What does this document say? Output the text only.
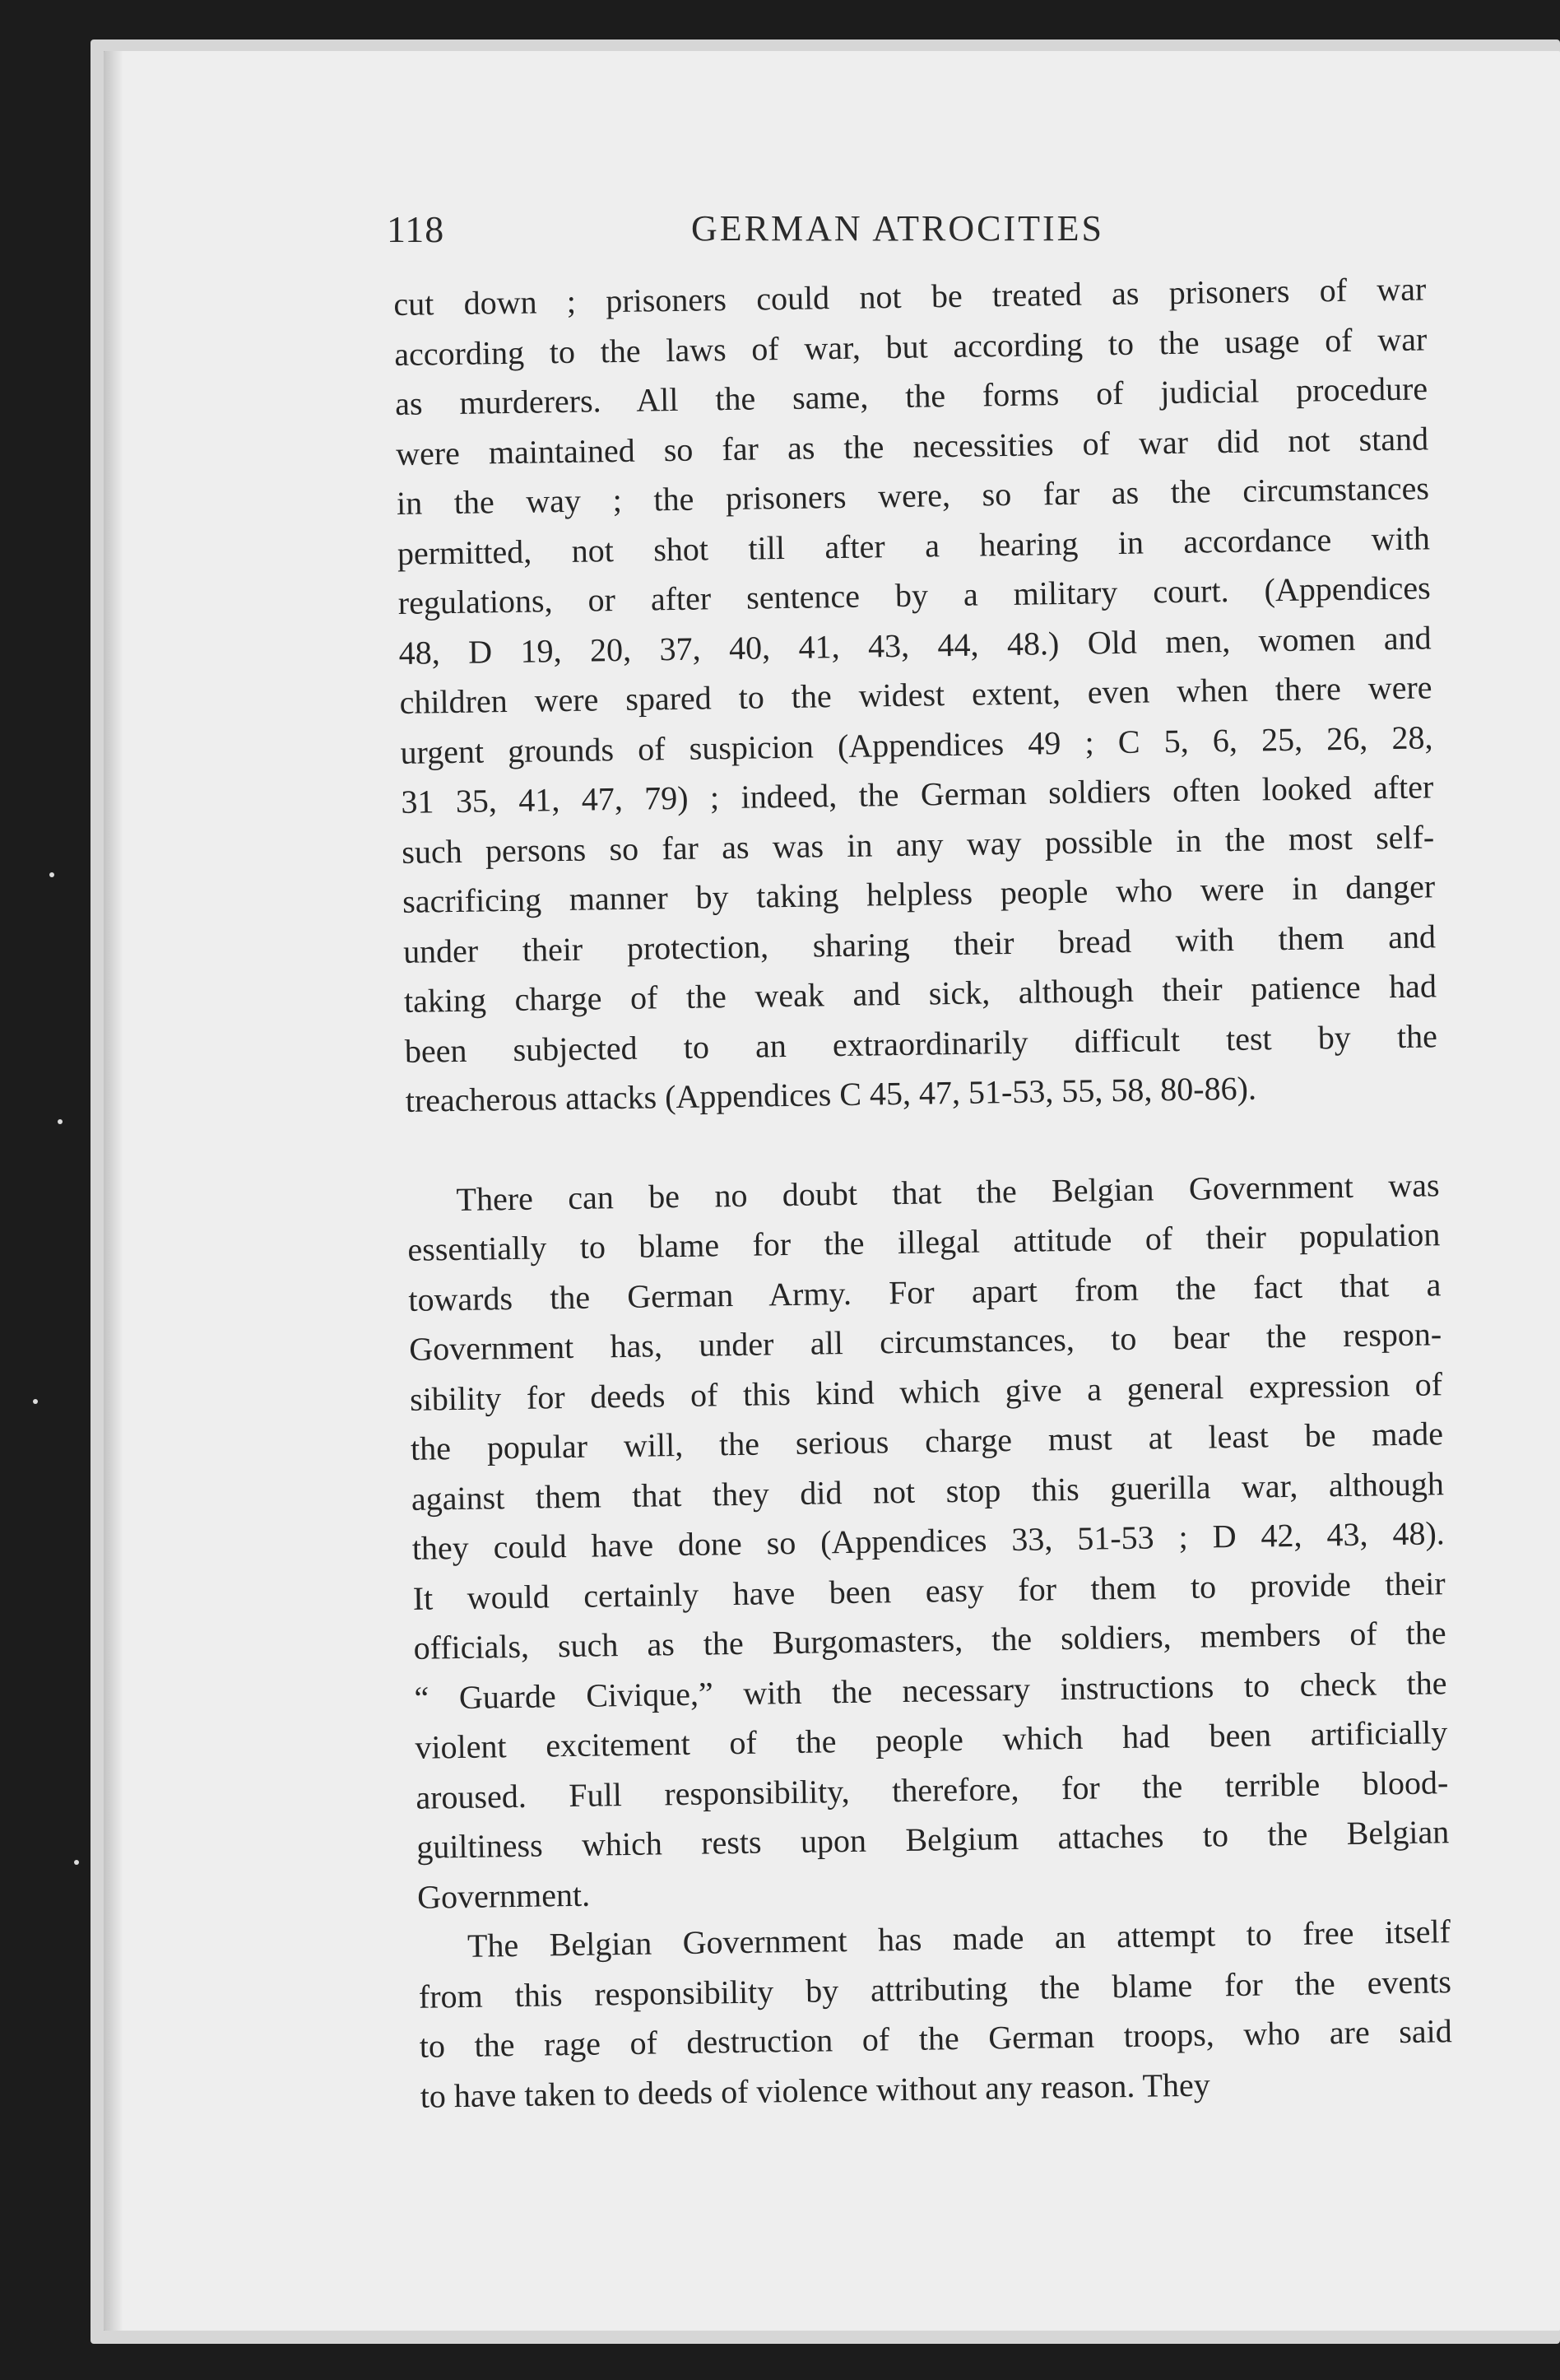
118	GERMAN ATROCITIES
cut down ; prisoners could not be treated as prisoners of war
according to the laws of war, but according to the usage of war
as murderers. All the same, the forms of judicial procedure
were maintained so far as the necessities of war did not stand
in the way ; the prisoners were, so far as the circumstances
permitted, not shot till after a hearing in accordance with
regulations, or after sentence by a military court. (Appendices
48, D 19, 20, 37, 40, 41, 43, 44, 48.) Old men, women and
children were spared to the widest extent, even when there were
urgent grounds of suspicion (Appendices 49 ; C 5, 6, 25, 26, 28,
31 35, 41, 47, 79) ; indeed, the German soldiers often looked after
such persons so far as was in any way possible in the most self-
sacrificing manner by taking helpless people who were in danger
under their protection, sharing their bread with them and
taking charge of the weak and sick, although their patience had
been subjected to an extraordinarily difficult test by the
treacherous attacks (Appendices C 45, 47, 51-53, 55, 58, 80-86).
There can be no doubt that the Belgian Government was
essentially to blame for the illegal attitude of their population
towards the German Army. For apart from the fact that a
Government has, under all circumstances, to bear the respon-
sibility for deeds of this kind which give a general expression of
the popular will, the serious charge must at least be made
against them that they did not stop this guerilla war, although
they could have done so (Appendices 33, 51-53 ; D 42, 43, 48).
It would certainly have been easy for them to provide their
officials, such as the Burgomasters, the soldiers, members of the
“ Guarde Civique,” with the necessary instructions to check the
violent excitement of the people which had been artificially
aroused. Full responsibility, therefore, for the terrible blood-
guiltiness which rests upon Belgium attaches to the Belgian
Government.
The Belgian Government has made an attempt to free itself
from this responsibility by attributing the blame for the events
to the rage of destruction of the German troops, who are said
to have taken to deeds of violence without any reason. They
